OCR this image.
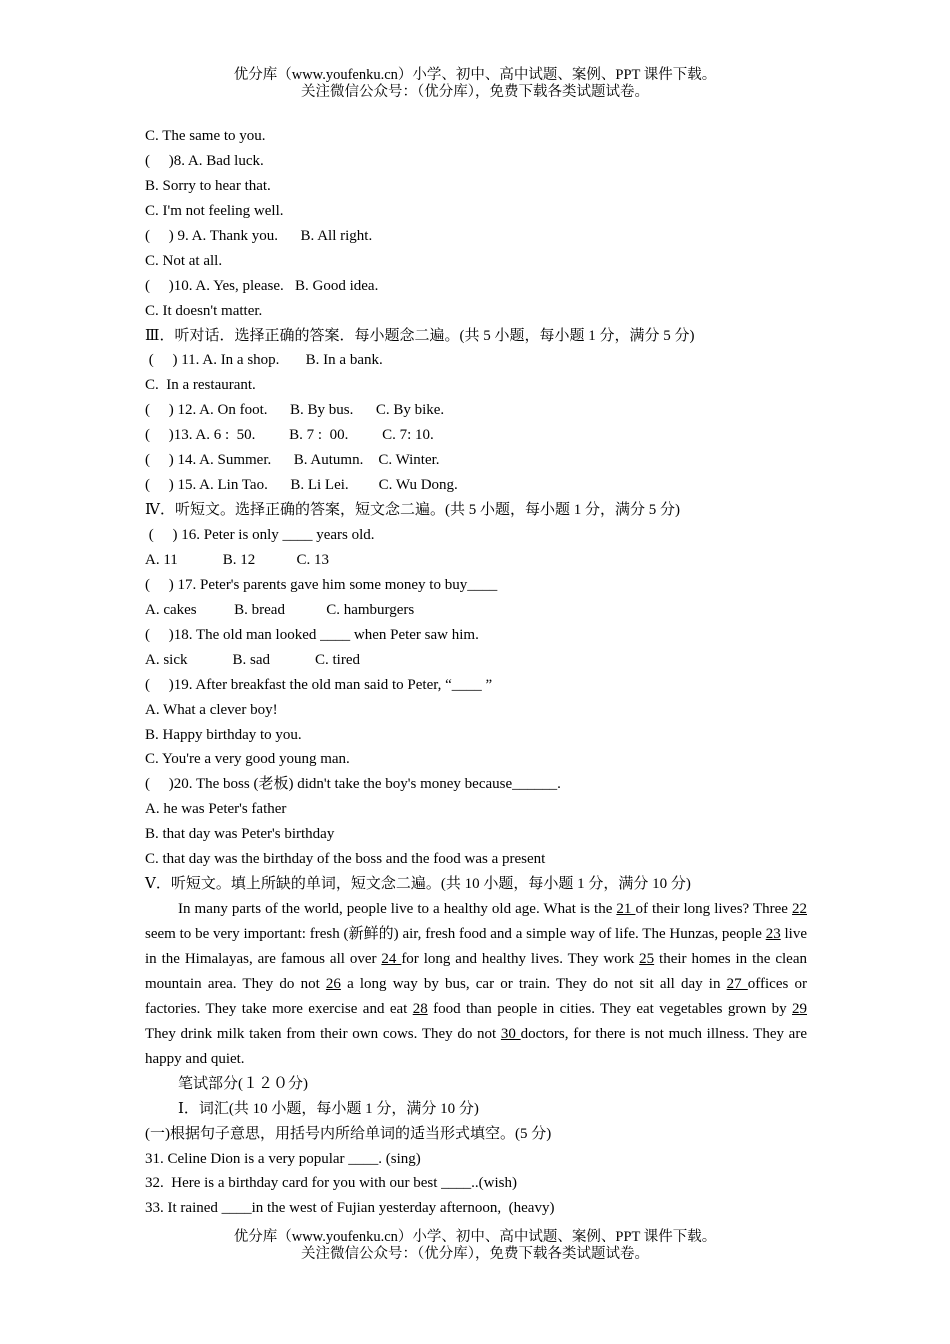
优分库（www.youfenku.cn）小学、初中、高中试题、案例、PPT 课件下载。
关注微信公众号：（优分库），免费下载各类试题试卷。
C. The same to you.
(     )8. A. Bad luck.
B. Sorry to hear that.
C. I'm not feeling well.
(     ) 9. A. Thank you.      B. All right.
C. Not at all.
(     )10. A. Yes, please.   B. Good idea.
C. It doesn't matter.
Ⅲ．听对话．选择正确的答案．每小题念二遍。(共 5 小题，每小题 1 分，满分 5 分)
(     ) 11. A. In a shop.       B. In a bank.
C.  In a restaurant.
(     ) 12. A. On foot.      B. By bus.      C. By bike.
(     )13. A. 6 :  50.         B. 7 :  00.         C. 7: 10.
(     ) 14. A. Summer.      B. Autumn.    C. Winter.
(     ) 15. A. Lin Tao.      B. Li Lei.        C. Wu Dong.
Ⅳ．听短文。选择正确的答案，短文念二遍。(共 5 小题，每小题 1 分，满分 5 分)
(     ) 16. Peter is only ____ years old.
A. 11            B. 12           C. 13
(     ) 17. Peter's parents gave him some money to buy____
A. cakes          B. bread           C. hamburgers
(     )18. The old man looked ____ when Peter saw him.
A. sick            B. sad            C. tired
(     )19. After breakfast the old man said to Peter, “____ ”
A. What a clever boy!
B. Happy birthday to you.
C. You're a very good young man.
(     )20. The boss (老板) didn't take the boy's money because______.
A. he was Peter's father
B. that day was Peter's birthday
C. that day was the birthday of the boss and the food was a present
Ⅴ．听短文。填上所缺的单词，短文念二遍。(共 10 小题，每小题 1 分，满分 10 分)
In many parts of the world, people live to a healthy old age. What is the 21 of their long lives? Three 22 seem to be very important: fresh (新鲜的) air, fresh food and a simple way of life. The Hunzas, people 23 live in the Himalayas, are famous all over 24 for long and healthy lives. They work 25 their homes in the clean mountain area. They do not 26 a long way by bus, car or train. They do not sit all day in 27 offices or factories. They take more exercise and eat 28 food than people in cities. They eat vegetables grown by 29 They drink milk taken from their own cows. They do not 30 doctors, for there is not much illness. They are happy and quiet.
笔试部分(１２０分)
Ⅰ．词汇(共 10 小题，每小题 1 分，满分 10 分)
(一)根据句子意思，用括号内所给单词的适当形式填空。(5 分)
31. Celine Dion is a very popular ____. (sing)
32.  Here is a birthday card for you with our best ____..(wish)
33. It rained ____in the west of Fujian yesterday afternoon,  (heavy)
优分库（www.youfenku.cn）小学、初中、高中试题、案例、PPT 课件下载。
关注微信公众号：（优分库），免费下载各类试题试卷。
